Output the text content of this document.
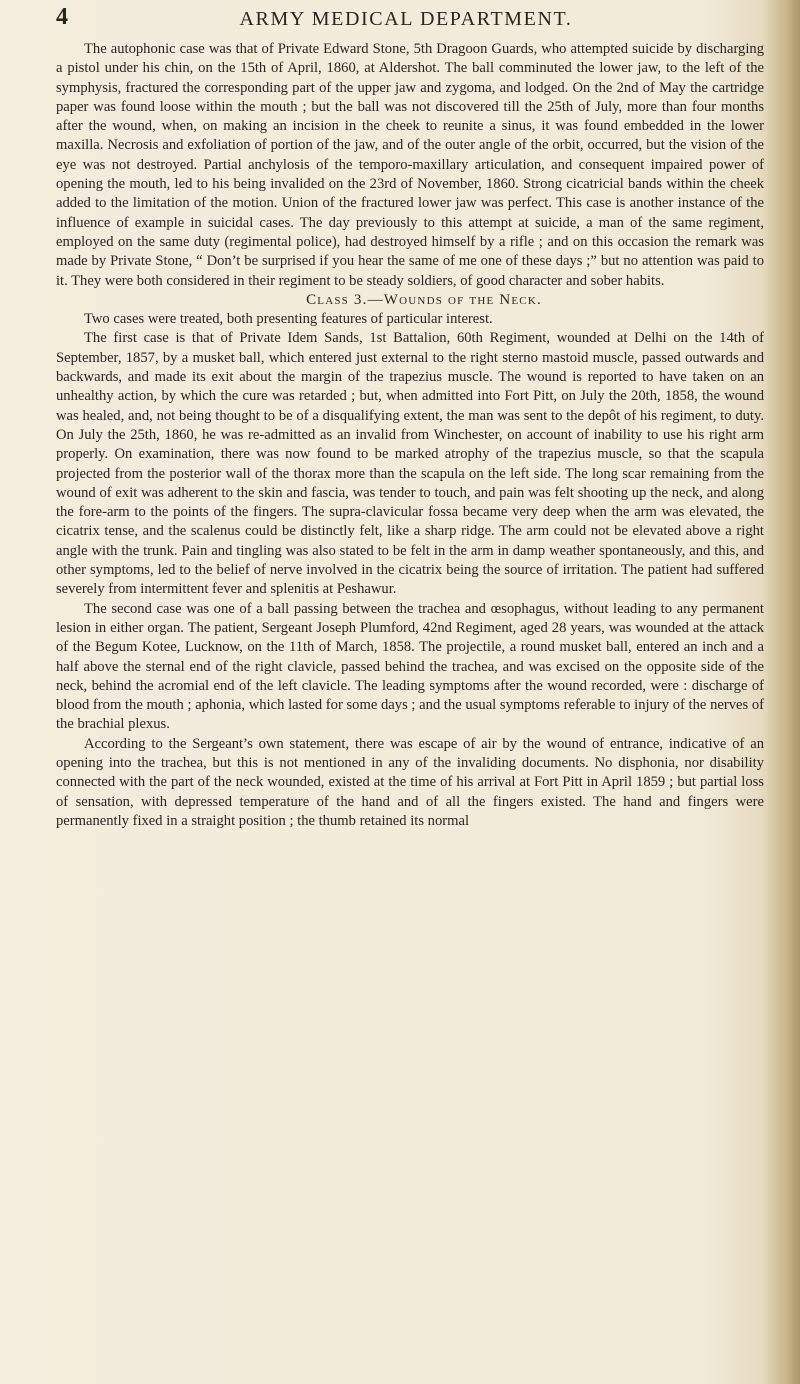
4	ARMY MEDICAL DEPARTMENT.

The autophonic case was that of Private Edward Stone, 5th Dragoon Guards, who attempted suicide by discharging a pistol under his chin, on the 15th of April, 1860, at Aldershot. The ball comminuted the lower jaw, to the left of the symphysis, fractured the corresponding part of the upper jaw and zygoma, and lodged. On the 2nd of May the cartridge paper was found loose within the mouth ; but the ball was not discovered till the 25th of July, more than four months after the wound, when, on making an incision in the cheek to reunite a sinus, it was found embedded in the lower maxilla. Necrosis and exfoliation of portion of the jaw, and of the outer angle of the orbit, occurred, but the vision of the eye was not destroyed. Partial anchylosis of the temporo-maxillary articulation, and consequent impaired power of opening the mouth, led to his being invalided on the 23rd of November, 1860. Strong cicatricial bands within the cheek added to the limitation of the motion. Union of the fractured lower jaw was perfect. This case is another instance of the influence of example in suicidal cases. The day previously to this attempt at suicide, a man of the same regiment, employed on the same duty (regimental police), had destroyed himself by a rifle ; and on this occasion the remark was made by Private Stone, “ Don’t be surprised if you hear the same of me one of these days ;” but no attention was paid to it. They were both considered in their regiment to be steady soldiers, of good character and sober habits.

Class 3.—Wounds of the Neck.

Two cases were treated, both presenting features of particular interest.

The first case is that of Private Idem Sands, 1st Battalion, 60th Regiment, wounded at Delhi on the 14th of September, 1857, by a musket ball, which entered just external to the right sterno mastoid muscle, passed outwards and backwards, and made its exit about the margin of the trapezius muscle. The wound is reported to have taken on an unhealthy action, by which the cure was retarded ; but, when admitted into Fort Pitt, on July the 20th, 1858, the wound was healed, and, not being thought to be of a disqualifying extent, the man was sent to the depôt of his regiment, to duty. On July the 25th, 1860, he was re-admitted as an invalid from Winchester, on account of inability to use his right arm properly. On examination, there was now found to be marked atrophy of the trapezius muscle, so that the scapula projected from the posterior wall of the thorax more than the scapula on the left side. The long scar remaining from the wound of exit was adherent to the skin and fascia, was tender to touch, and pain was felt shooting up the neck, and along the fore-arm to the points of the fingers. The supra-clavicular fossa became very deep when the arm was elevated, the cicatrix tense, and the scalenus could be distinctly felt, like a sharp ridge. The arm could not be elevated above a right angle with the trunk. Pain and tingling was also stated to be felt in the arm in damp weather spontaneously, and this, and other symptoms, led to the belief of nerve involved in the cicatrix being the source of irritation. The patient had suffered severely from intermittent fever and splenitis at Peshawur.

The second case was one of a ball passing between the trachea and œsophagus, without leading to any permanent lesion in either organ. The patient, Sergeant Joseph Plumford, 42nd Regiment, aged 28 years, was wounded at the attack of the Begum Kotee, Lucknow, on the 11th of March, 1858. The projectile, a round musket ball, entered an inch and a half above the sternal end of the right clavicle, passed behind the trachea, and was excised on the opposite side of the neck, behind the acromial end of the left clavicle. The leading symptoms after the wound recorded, were : discharge of blood from the mouth ; aphonia, which lasted for some days ; and the usual symptoms referable to injury of the nerves of the brachial plexus.

According to the Sergeant’s own statement, there was escape of air by the wound of entrance, indicative of an opening into the trachea, but this is not mentioned in any of the invaliding documents. No disphonia, nor disability connected with the part of the neck wounded, existed at the time of his arrival at Fort Pitt in April 1859 ; but partial loss of sensation, with depressed temperature of the hand and of all the fingers existed. The hand and fingers were permanently fixed in a straight position ; the thumb retained its normal
